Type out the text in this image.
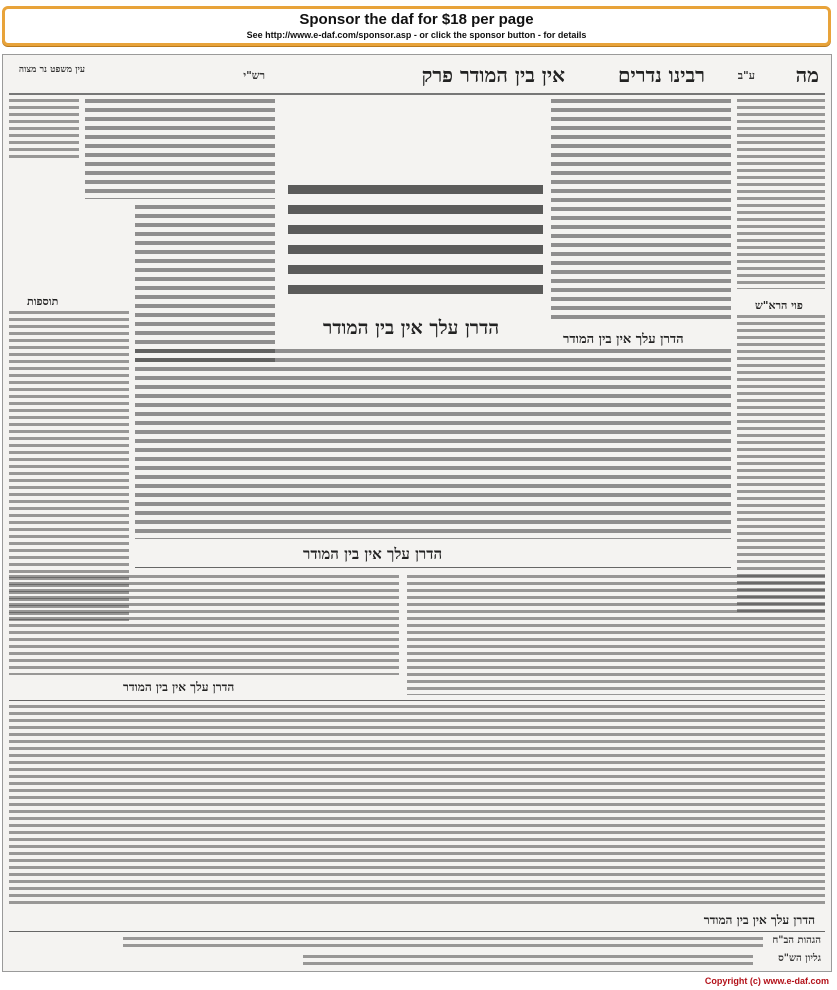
Sponsor the daf for $18 per page
See http://www.e-daf.com/sponsor.asp - or click the sponsor button - for details
מה
ע"ב
רבינו נדרים
אין בין המודר פרק
רש"י
עין משפט נר מצוה
תוספות
הדרן עלך אין בין המודר
הדרן עלך אין בין המודר
פוי הרא"ש
הדרן עלך אין בין המודר
הדרן עלך אין בין המודר
הדרן עלך אין בין המודר
הגהות הב"ח
גליון הש"ס
Copyright (c) www.e-daf.com
